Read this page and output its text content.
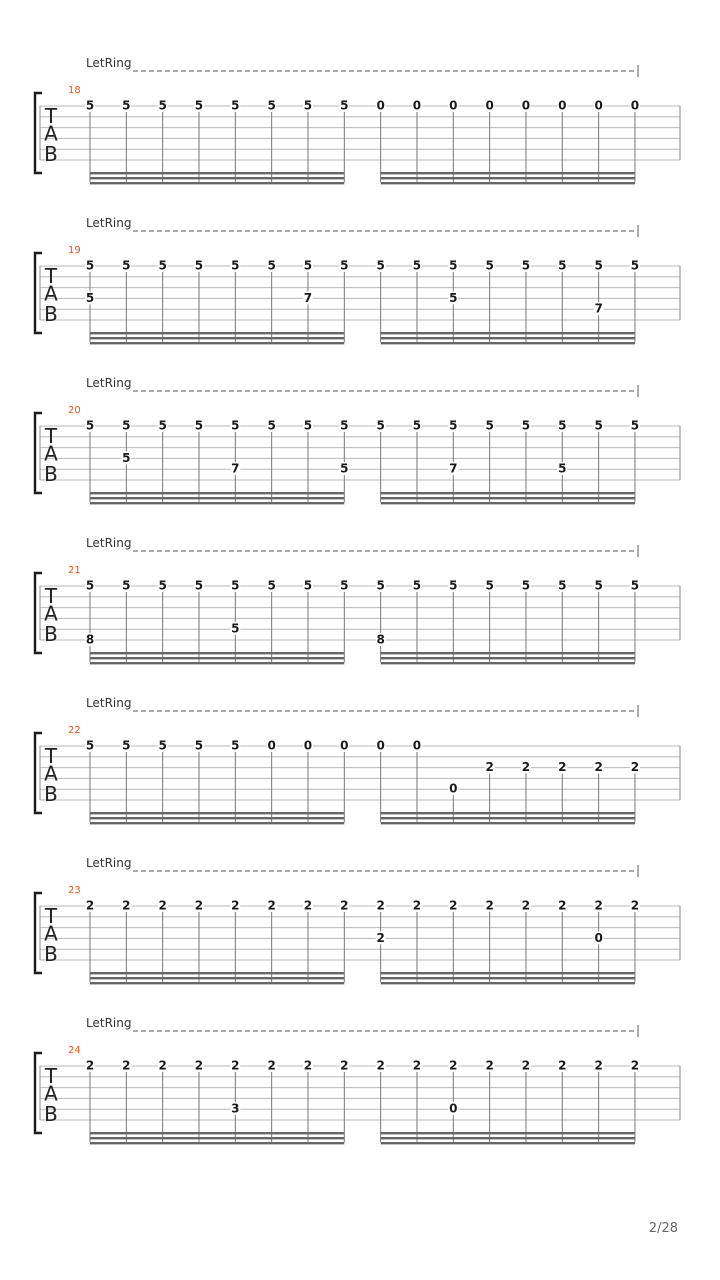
LetRing
18
T
A
B
5 5 5 5 5 5 5 5 0 0 0 0 0 0 0 0
LetRing
19
T
A
B
5
5
5 5 5 5 5 5
7
5 5 5 5
5
5 5 5 5
7
5
LetRing
20
T
A
B
5 5
5
5 5 5
7
5 5 5
5
5 5 5
7
5 5 5
5
5 5
LetRing
21
T
A
B
5
8
5 5 5 5
5
5 5 5 5
8
5 5 5 5 5 5 5
LetRing
22
T
A
B
5 5 5 5 5 0 0 0 0 0
0
2 2 2 2 2
LetRing
23
T
A
B
2 2 2 2 2 2 2 2 2
2
2 2 2 2 2 2
0
2
LetRing
24
T
A
B
2 2 2 2 2
3
2 2 2 2 2 2
0
2 2 2 2 2
2/28
